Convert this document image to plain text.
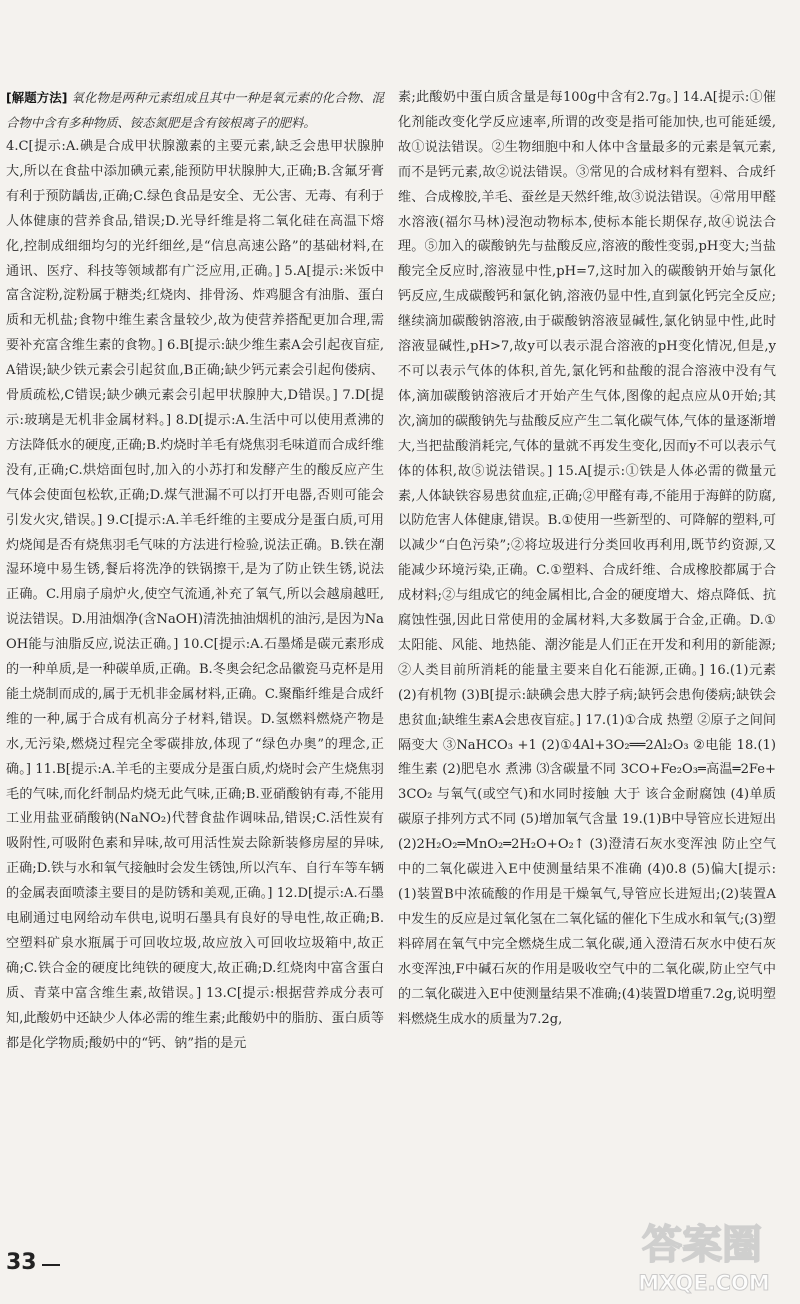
[解题方法] 氧化物是两种元素组成且其中一种是氧元素的化合物、混合物中含有多种物质、铵态氮肥是含有铵根离子的肥料。

4.C[提示:A.碘是合成甲状腺激素的主要元素,缺乏会患甲状腺肿大,所以在食盐中添加碘元素,能预防甲状腺肿大,正确;B.含氟牙膏有利于预防龋齿,正确;C.绿色食品是安全、无公害、无毒、有利于人体健康的营养食品,错误;D.光导纤维是将二氧化硅在高温下熔化,控制成细细均匀的光纤细丝,是“信息高速公路”的基础材料,在通讯、医疗、科技等领域都有广泛应用,正确。] 5.A[提示:米饭中富含淀粉,淀粉属于糖类;红烧肉、排骨汤、炸鸡腿含有油脂、蛋白质和无机盐;食物中维生素含量较少,故为使营养搭配更加合理,需要补充富含维生素的食物。] 6.B[提示:缺少维生素A会引起夜盲症,A错误;缺少铁元素会引起贫血,B正确;缺少钙元素会引起佝偻病、骨质疏松,C错误;缺少碘元素会引起甲状腺肿大,D错误。] 7.D[提示:玻璃是无机非金属材料。] 8.D[提示:A.生活中可以使用煮沸的方法降低水的硬度,正确;B.灼烧时羊毛有烧焦羽毛味道而合成纤维没有,正确;C.烘焙面包时,加入的小苏打和发酵产生的酸反应产生气体会使面包松软,正确;D.煤气泄漏不可以打开电器,否则可能会引发火灾,错误。] 9.C[提示:A.羊毛纤维的主要成分是蛋白质,可用灼烧闻是否有烧焦羽毛气味的方法进行检验,说法正确。B.铁在潮湿环境中易生锈,餐后将洗净的铁锅擦干,是为了防止铁生锈,说法正确。C.用扇子扇炉火,使空气流通,补充了氧气,所以会越扇越旺,说法错误。D.用油烟净(含NaOH)清洗抽油烟机的油污,是因为NaOH能与油脂反应,说法正确。] 10.C[提示:A.石墨烯是碳元素形成的一种单质,是一种碳单质,正确。B.冬奥会纪念品徽瓷马克杯是用能土烧制而成的,属于无机非金属材料,正确。C.聚酯纤维是合成纤维的一种,属于合成有机高分子材料,错误。D.氢燃料燃烧产物是水,无污染,燃烧过程完全零碳排放,体现了“绿色办奥”的理念,正确。] 11.B[提示:A.羊毛的主要成分是蛋白质,灼烧时会产生烧焦羽毛的气味,而化纤制品灼烧无此气味,正确;B.亚硝酸钠有毒,不能用工业用盐亚硝酸钠(NaNO₂)代替食盐作调味品,错误;C.活性炭有吸附性,可吸附色素和异味,故可用活性炭去除新装修房屋的异味,正确;D.铁与水和氧气接触时会发生锈蚀,所以汽车、自行车等车辆的金属表面喷漆主要目的是防锈和美观,正确。] 12.D[提示:A.石墨电刷通过电网给动车供电,说明石墨具有良好的导电性,故正确;B.空塑料矿泉水瓶属于可回收垃圾,故应放入可回收垃圾箱中,故正确;C.铁合金的硬度比纯铁的硬度大,故正确;D.红烧肉中富含蛋白质、青菜中富含维生素,故错误。] 13.C[提示:根据营养成分表可知,此酸奶中还缺少人体必需的维生素;此酸奶中的脂肪、蛋白质等都是化学物质;酸奶中的“钙、钠”指的是元

素;此酸奶中蛋白质含量是每100g中含有2.7g。] 14.A[提示:①催化剂能改变化学反应速率,所谓的改变是指可能加快,也可能延缓,故①说法错误。②生物细胞中和人体中含量最多的元素是氧元素,而不是钙元素,故②说法错误。③常见的合成材料有塑料、合成纤维、合成橡胶,羊毛、蚕丝是天然纤维,故③说法错误。④常用甲醛水溶液(福尔马林)浸泡动物标本,使标本能长期保存,故④说法合理。⑤加入的碳酸钠先与盐酸反应,溶液的酸性变弱,pH变大;当盐酸完全反应时,溶液显中性,pH=7,这时加入的碳酸钠开始与氯化钙反应,生成碳酸钙和氯化钠,溶液仍显中性,直到氯化钙完全反应;继续滴加碳酸钠溶液,由于碳酸钠溶液显碱性,氯化钠显中性,此时溶液显碱性,pH>7,故y可以表示混合溶液的pH变化情况,但是,y不可以表示气体的体积,首先,氯化钙和盐酸的混合溶液中没有气体,滴加碳酸钠溶液后才开始产生气体,图像的起点应从0开始;其次,滴加的碳酸钠先与盐酸反应产生二氧化碳气体,气体的量逐渐增大,当把盐酸消耗完,气体的量就不再发生变化,因而y不可以表示气体的体积,故⑤说法错误。] 15.A[提示:①铁是人体必需的微量元素,人体缺铁容易患贫血症,正确;②甲醛有毒,不能用于海鲜的防腐,以防危害人体健康,错误。B.①使用一些新型的、可降解的塑料,可以减少“白色污染”;②将垃圾进行分类回收再利用,既节约资源,又能减少环境污染,正确。C.①塑料、合成纤维、合成橡胶都属于合成材料;②与组成它的纯金属相比,合金的硬度增大、熔点降低、抗腐蚀性强,因此日常使用的金属材料,大多数属于合金,正确。D.①太阳能、风能、地热能、潮汐能是人们正在开发和利用的新能源;②人类目前所消耗的能量主要来自化石能源,正确。] 16.(1)元素 (2)有机物 (3)B[提示:缺碘会患大脖子病;缺钙会患佝偻病;缺铁会患贫血;缺维生素A会患夜盲症。] 17.(1)①合成 热塑 ②原子之间间隔变大 ③NaHCO₃ +1 (2)①4Al+3O₂══2Al₂O₃ ②电能 18.(1)维生素 (2)肥皂水 煮沸 ⑶含碳量不同 3CO+Fe₂O₃═高温═2Fe+3CO₂ 与氧气(或空气)和水同时接触 大于 该合金耐腐蚀 (4)单质 碳原子排列方式不同 (5)增加氧气含量 19.(1)B中导管应长进短出 (2)2H₂O₂═MnO₂═2H₂O+O₂↑ (3)澄清石灰水变浑浊 防止空气中的二氧化碳进入E中使测量结果不准确 (4)0.8 (5)偏大[提示:(1)装置B中浓硫酸的作用是干燥氧气,导管应长进短出;(2)装置A中发生的反应是过氧化氢在二氧化锰的催化下生成水和氧气;(3)塑料碎屑在氧气中完全燃烧生成二氧化碳,通入澄清石灰水中使石灰水变浑浊,F中碱石灰的作用是吸收空气中的二氧化碳,防止空气中的二氧化碳进入E中使测量结果不准确;(4)装置D增重7.2g,说明塑料燃烧生成水的质量为7.2g,

33	答案圈
MXQE.COM
